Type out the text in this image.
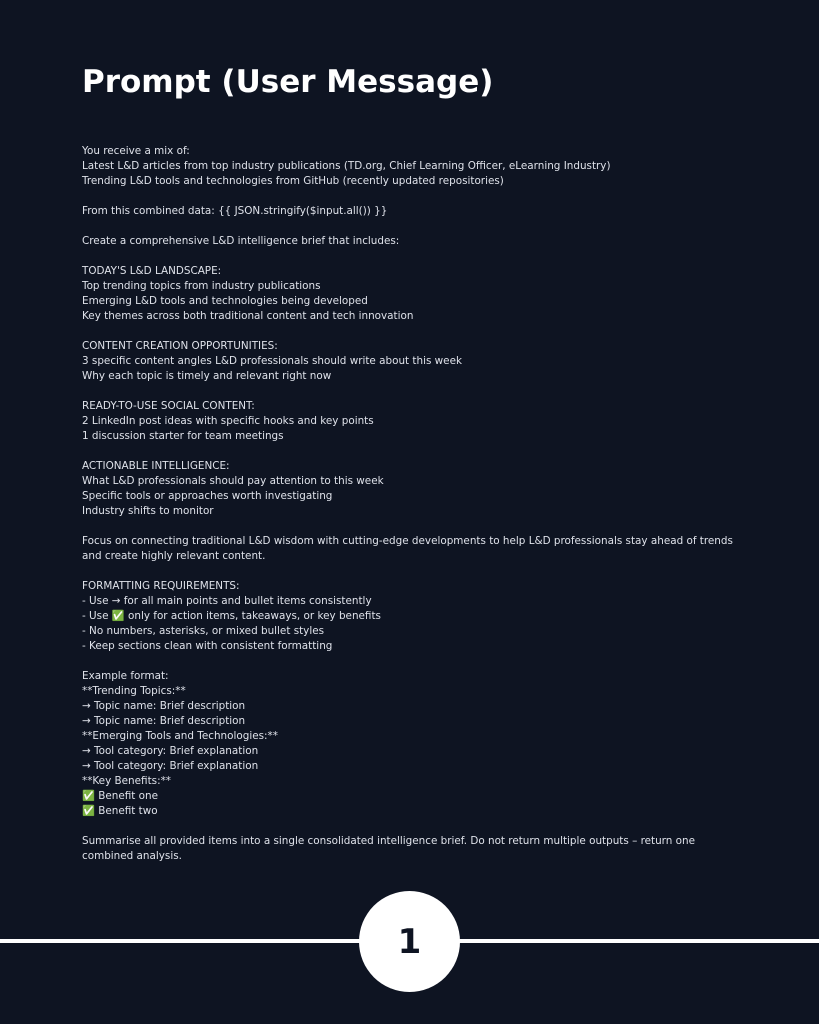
Prompt (User Message)
You receive a mix of:
Latest L&D articles from top industry publications (TD.org, Chief Learning Officer, eLearning Industry)
Trending L&D tools and technologies from GitHub (recently updated repositories)
From this combined data: {{ JSON.stringify($input.all()) }}
Create a comprehensive L&D intelligence brief that includes:
TODAY'S L&D LANDSCAPE:
Top trending topics from industry publications
Emerging L&D tools and technologies being developed
Key themes across both traditional content and tech innovation
CONTENT CREATION OPPORTUNITIES:
3 specific content angles L&D professionals should write about this week
Why each topic is timely and relevant right now
READY-TO-USE SOCIAL CONTENT:
2 LinkedIn post ideas with specific hooks and key points
1 discussion starter for team meetings
ACTIONABLE INTELLIGENCE:
What L&D professionals should pay attention to this week
Specific tools or approaches worth investigating
Industry shifts to monitor
Focus on connecting traditional L&D wisdom with cutting-edge developments to help L&D professionals stay ahead of trends
and create highly relevant content.
FORMATTING REQUIREMENTS:
- Use → for all main points and bullet items consistently
- Use ✅ only for action items, takeaways, or key benefits
- No numbers, asterisks, or mixed bullet styles
- Keep sections clean with consistent formatting
Example format:
**Trending Topics:**
→ Topic name: Brief description
→ Topic name: Brief description
**Emerging Tools and Technologies:**
→ Tool category: Brief explanation
→ Tool category: Brief explanation
**Key Benefits:**
✅ Benefit one
✅ Benefit two
Summarise all provided items into a single consolidated intelligence brief. Do not return multiple outputs – return one
combined analysis.
1
